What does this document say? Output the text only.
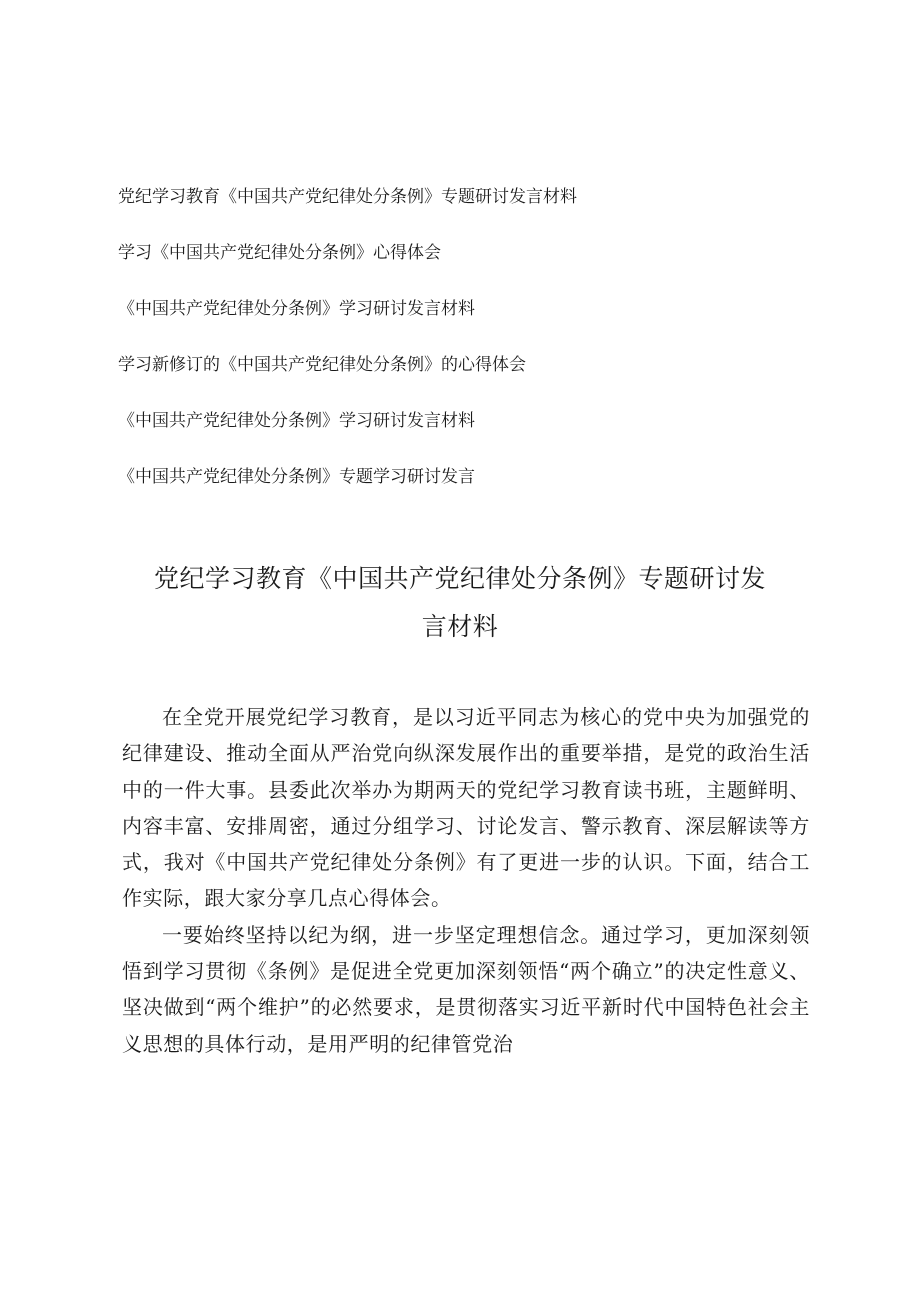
党纪学习教育《中国共产党纪律处分条例》专题研讨发言材料
学习《中国共产党纪律处分条例》心得体会
《中国共产党纪律处分条例》学习研讨发言材料
学习新修订的《中国共产党纪律处分条例》的心得体会
《中国共产党纪律处分条例》学习研讨发言材料
《中国共产党纪律处分条例》专题学习研讨发言
党纪学习教育《中国共产党纪律处分条例》专题研讨发
言材料

在全党开展党纪学习教育，是以习近平同志为核心的党中央为加强党的纪律建设、推动全面从严治党向纵深发展作出的重要举措，是党的政治生活中的一件大事。县委此次举办为期两天的党纪学习教育读书班，主题鲜明、内容丰富、安排周密，通过分组学习、讨论发言、警示教育、深层解读等方式，我对《中国共产党纪律处分条例》有了更进一步的认识。下面，结合工作实际，跟大家分享几点心得体会。

一要始终坚持以纪为纲，进一步坚定理想信念。通过学习，更加深刻领悟到学习贯彻《条例》是促进全党更加深刻领悟“两个确立”的决定性意义、坚决做到“两个维护”的必然要求，是贯彻落实习近平新时代中国特色社会主义思想的具体行动，是用严明的纪律管党治
